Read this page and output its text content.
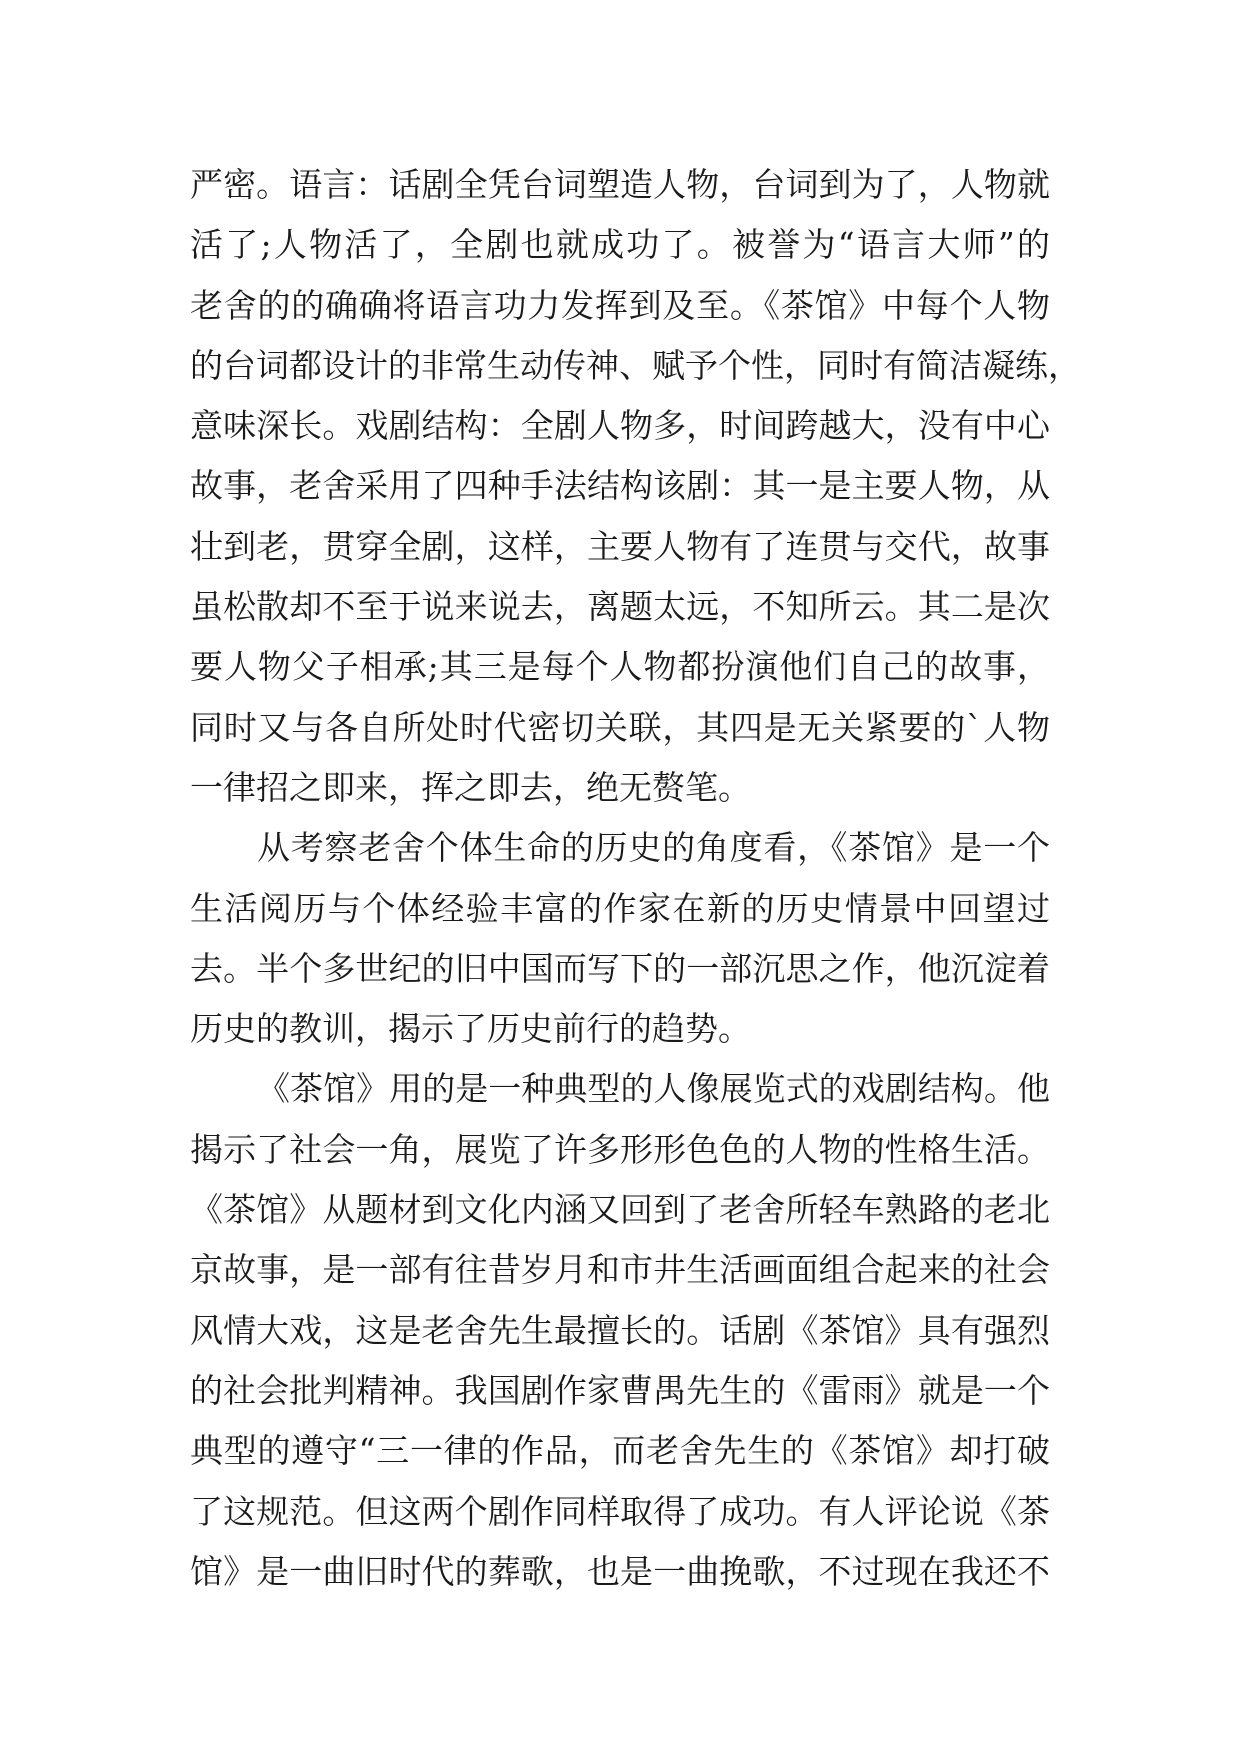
严密。语言：话剧全凭台词塑造人物，台词到为了，人物就
活了;人物活了，全剧也就成功了。被誉为“语言大师”的
老舍的的确确将语言功力发挥到及至。《茶馆》中每个人物
的台词都设计的非常生动传神、赋予个性，同时有简洁凝练，
意味深长。戏剧结构：全剧人物多，时间跨越大，没有中心
故事，老舍采用了四种手法结构该剧：其一是主要人物，从
壮到老，贯穿全剧，这样，主要人物有了连贯与交代，故事
虽松散却不至于说来说去，离题太远，不知所云。其二是次
要人物父子相承;其三是每个人物都扮演他们自己的故事，
同时又与各自所处时代密切关联，其四是无关紧要的`人物
一律招之即来，挥之即去，绝无赘笔。
从考察老舍个体生命的历史的角度看，《茶馆》是一个
生活阅历与个体经验丰富的作家在新的历史情景中回望过
去。半个多世纪的旧中国而写下的一部沉思之作，他沉淀着
历史的教训，揭示了历史前行的趋势。
《茶馆》用的是一种典型的人像展览式的戏剧结构。他
揭示了社会一角，展览了许多形形色色的人物的性格生活。
《茶馆》从题材到文化内涵又回到了老舍所轻车熟路的老北
京故事，是一部有往昔岁月和市井生活画面组合起来的社会
风情大戏，这是老舍先生最擅长的。话剧《茶馆》具有强烈
的社会批判精神。我国剧作家曹禺先生的《雷雨》就是一个
典型的遵守“三一律的作品，而老舍先生的《茶馆》却打破
了这规范。但这两个剧作同样取得了成功。有人评论说《茶
馆》是一曲旧时代的葬歌，也是一曲挽歌，不过现在我还不
